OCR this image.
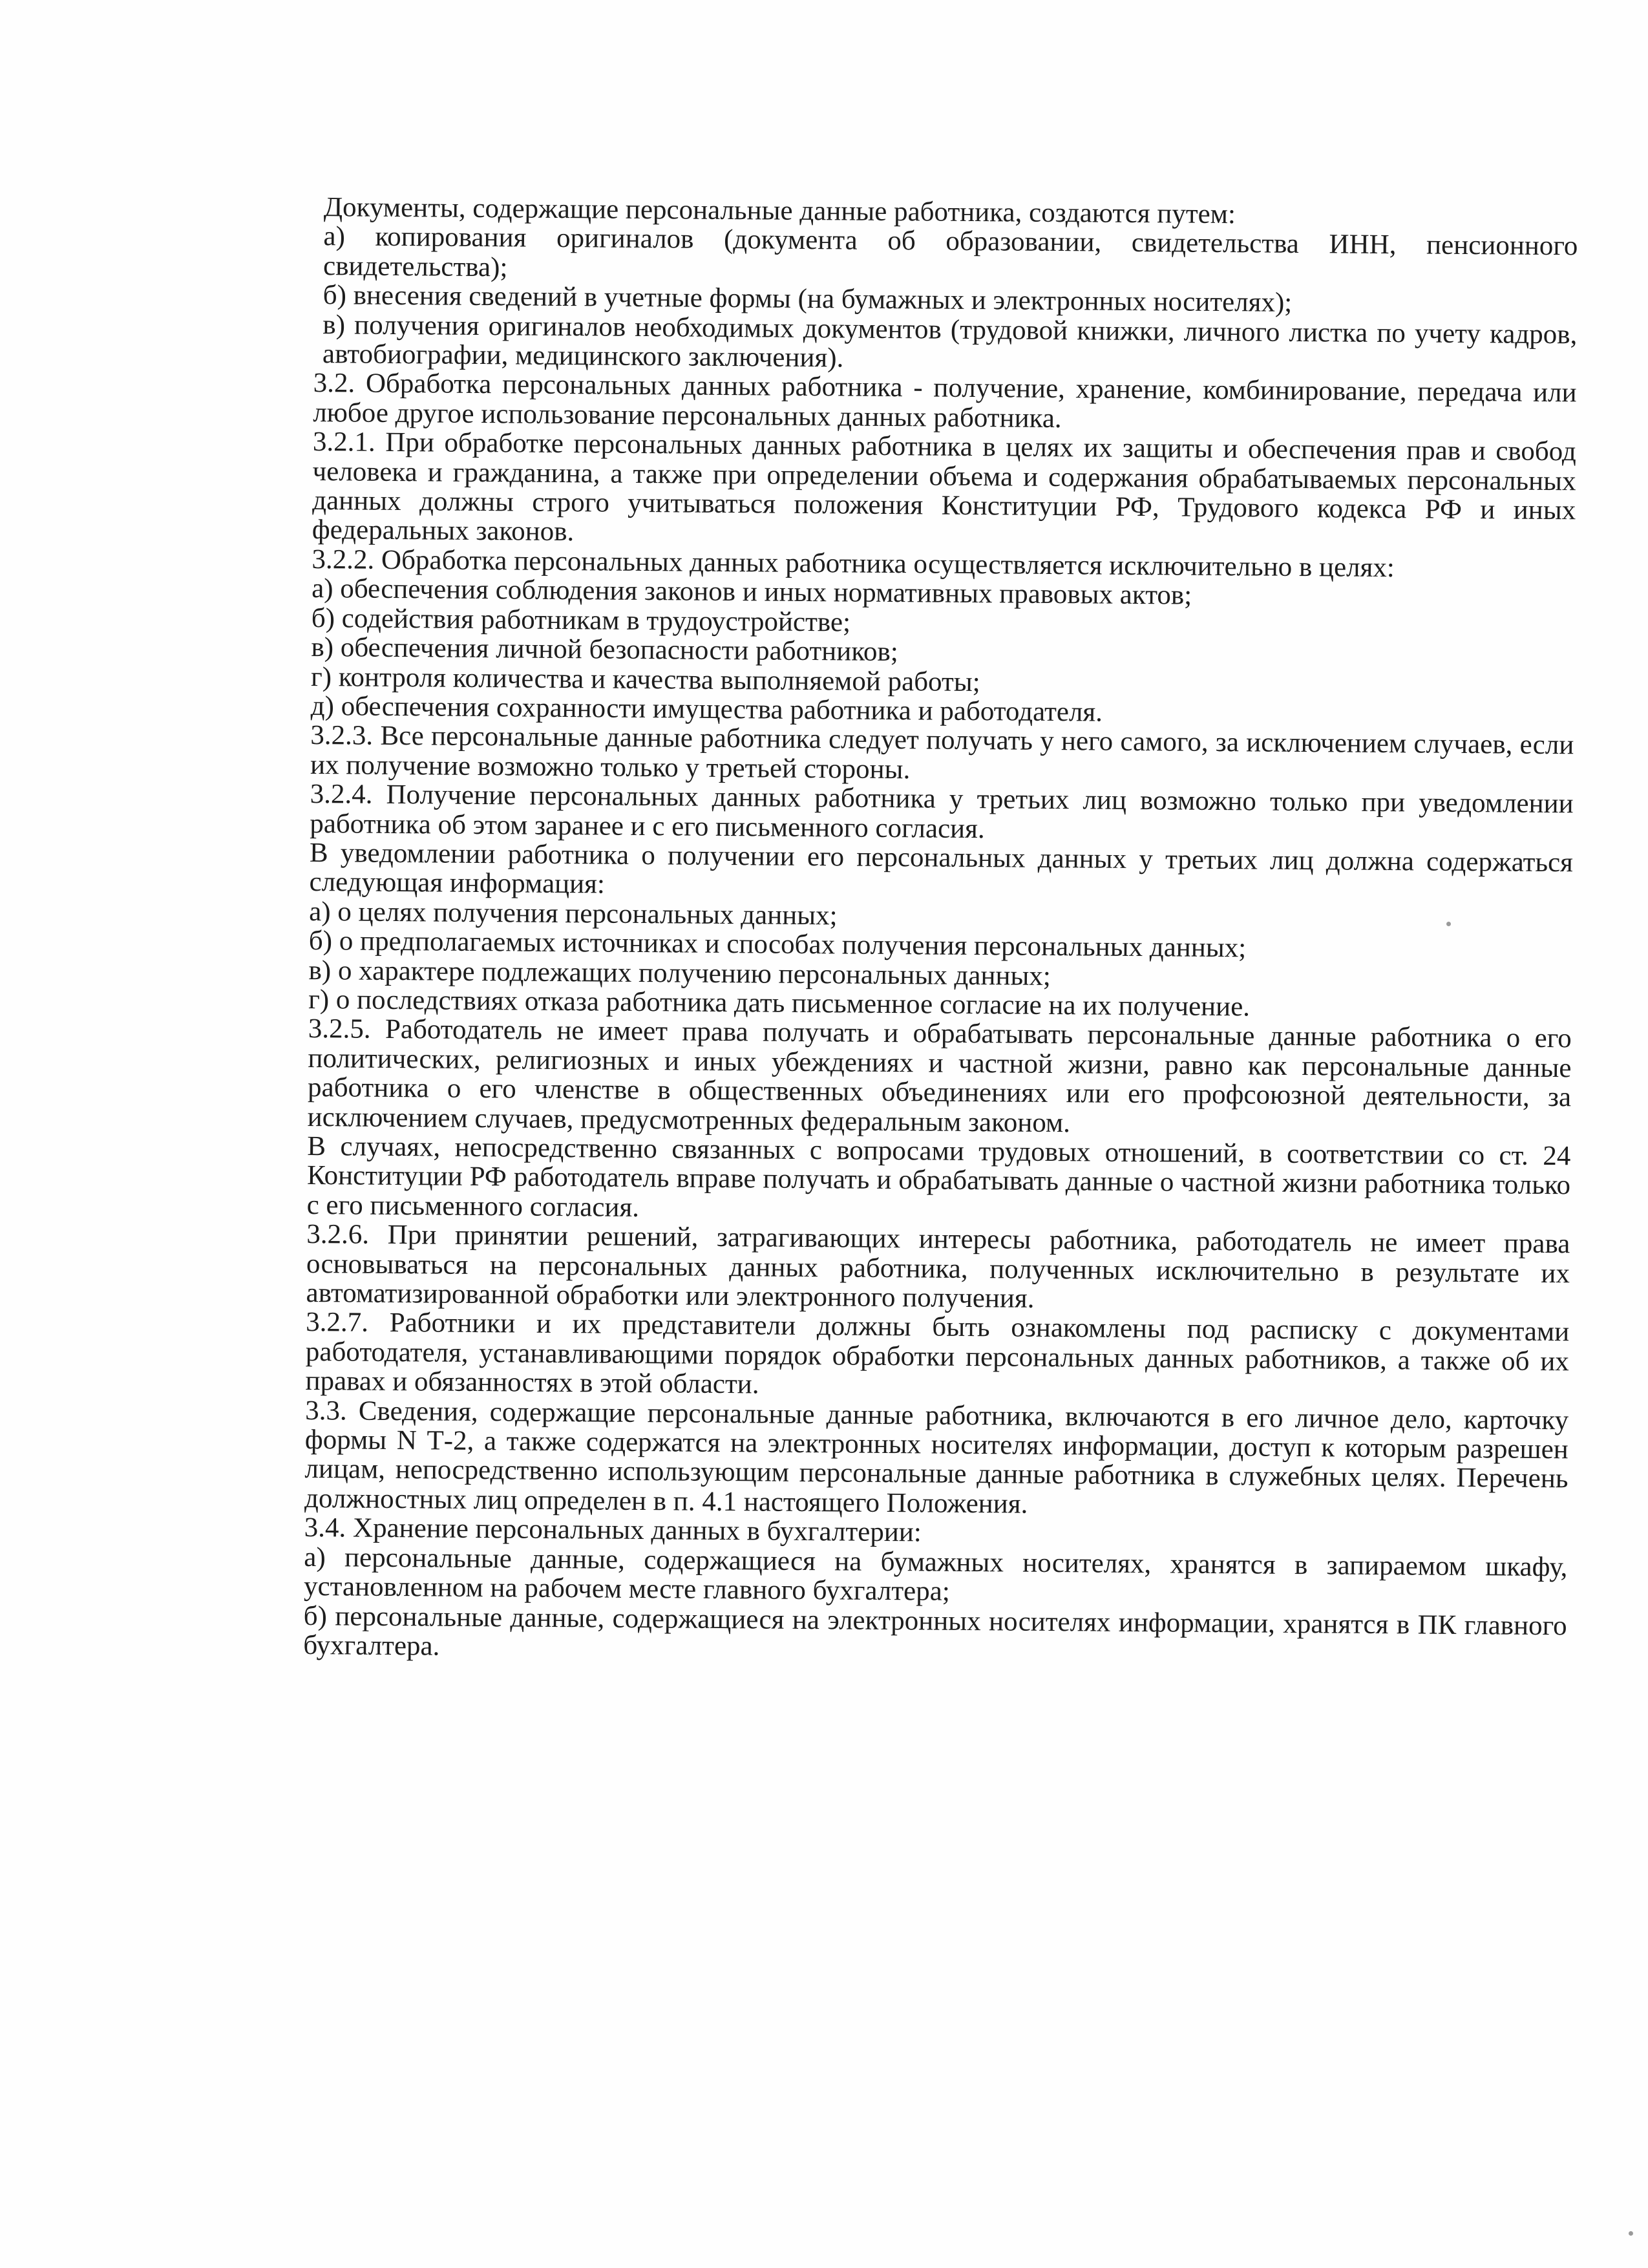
Документы, содержащие персональные данные работника, создаются путем:

а) копирования оригиналов (документа об образовании, свидетельства ИНН, пенсионного свидетельства);

б) внесения сведений в учетные формы (на бумажных и электронных носителях);

в) получения оригиналов необходимых документов (трудовой книжки, личного листка по учету кадров, автобиографии, медицинского заключения).

3.2. Обработка персональных данных работника - получение, хранение, комбинирование, передача или любое другое использование персональных данных работника.

3.2.1. При обработке персональных данных работника в целях их защиты и обеспечения прав и свобод человека и гражданина, а также при определении объема и содержания обрабатываемых персональных данных должны строго учитываться положения Конституции РФ, Трудового кодекса РФ и иных федеральных законов.

3.2.2. Обработка персональных данных работника осуществляется исключительно в целях:

а) обеспечения соблюдения законов и иных нормативных правовых актов;

б) содействия работникам в трудоустройстве;

в) обеспечения личной безопасности работников;

г) контроля количества и качества выполняемой работы;

д) обеспечения сохранности имущества работника и работодателя.

3.2.3. Все персональные данные работника следует получать у него самого, за исключением случаев, если их получение возможно только у третьей стороны.

3.2.4. Получение персональных данных работника у третьих лиц возможно только при уведомлении работника об этом заранее и с его письменного согласия.

В уведомлении работника о получении его персональных данных у третьих лиц должна содержаться следующая информация:

а) о целях получения персональных данных;

б) о предполагаемых источниках и способах получения персональных данных;

в) о характере подлежащих получению персональных данных;

г) о последствиях отказа работника дать письменное согласие на их получение.

3.2.5. Работодатель не имеет права получать и обрабатывать персональные данные работника о его политических, религиозных и иных убеждениях и частной жизни, равно как персональные данные работника о его членстве в общественных объединениях или его профсоюзной деятельности, за исключением случаев, предусмотренных федеральным законом.

В случаях, непосредственно связанных с вопросами трудовых отношений, в соответствии со ст. 24 Конституции РФ работодатель вправе получать и обрабатывать данные о частной жизни работника только с его письменного согласия.

3.2.6. При принятии решений, затрагивающих интересы работника, работодатель не имеет права основываться на персональных данных работника, полученных исключительно в результате их автоматизированной обработки или электронного получения.

3.2.7. Работники и их представители должны быть ознакомлены под расписку с документами работодателя, устанавливающими порядок обработки персональных данных работников, а также об их правах и обязанностях в этой области.

3.3. Сведения, содержащие персональные данные работника, включаются в его личное дело, карточку формы N Т-2, а также содержатся на электронных носителях информации, доступ к которым разрешен лицам, непосредственно использующим персональные данные работника в служебных целях. Перечень должностных лиц определен в п. 4.1 настоящего Положения.

3.4. Хранение персональных данных в бухгалтерии:

а) персональные данные, содержащиеся на бумажных носителях, хранятся в запираемом шкафу, установленном на рабочем месте главного бухгалтера;

б) персональные данные, содержащиеся на электронных носителях информации, хранятся в ПК главного бухгалтера.
